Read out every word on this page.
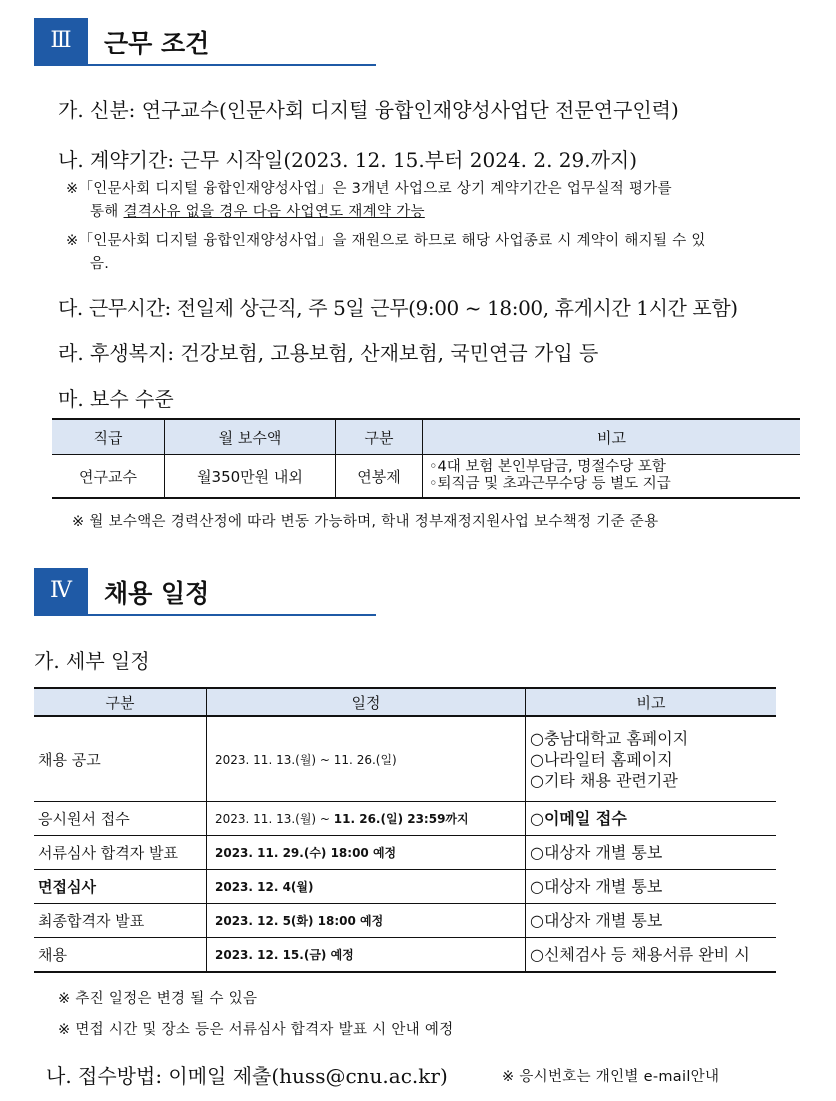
Ⅲ	근무 조건
가. 신분: 연구교수(인문사회 디지털 융합인재양성사업단 전문연구인력)
나. 계약기간: 근무 시작일(2023. 12. 15.부터 2024. 2. 29.까지)
※「인문사회 디지털 융합인재양성사업」은 3개년 사업으로 상기 계약기간은 업무실적 평가를
통해 결격사유 없을 경우 다음 사업연도 재계약 가능
※「인문사회 디지털 융합인재양성사업」을 재원으로 하므로 해당 사업종료 시 계약이 해지될 수 있
음.
다. 근무시간: 전일제 상근직, 주 5일 근무(9:00 ~ 18:00, 휴게시간 1시간 포함)
라. 후생복지: 건강보험, 고용보험, 산재보험, 국민연금 가입 등
마. 보수 수준
직급	월 보수액	구분	비고
연구교수	월350만원 내외	연봉제	◦4대 보험 본인부담금, 명절수당 포함
◦퇴직금 및 초과근무수당 등 별도 지급
※ 월 보수액은 경력산정에 따라 변동 가능하며, 학내 정부재정지원사업 보수책정 기준 준용
Ⅳ	채용 일정
가. 세부 일정
구분	일정	비고
채용 공고	2023. 11. 13.(월) ~ 11. 26.(일)	○충남대학교 홈페이지
○나라일터 홈페이지
○기타 채용 관련기관

응시원서 접수	2023. 11. 13.(월) ~ 11. 26.(일) 23:59까지	○이메일 접수
서류심사 합격자 발표	2023. 11. 29.(수) 18:00 예정	○대상자 개별 통보
면접심사	2023. 12. 4(월)	○대상자 개별 통보
최종합격자 발표	2023. 12. 5(화) 18:00 예정	○대상자 개별 통보
채용	2023. 12. 15.(금) 예정	○신체검사 등 채용서류 완비 시
※ 추진 일정은 변경 될 수 있음
※ 면접 시간 및 장소 등은 서류심사 합격자 발표 시 안내 예정
나. 접수방법: 이메일 제출(huss@cnu.ac.kr)	※ 응시번호는 개인별 e-mail안내
